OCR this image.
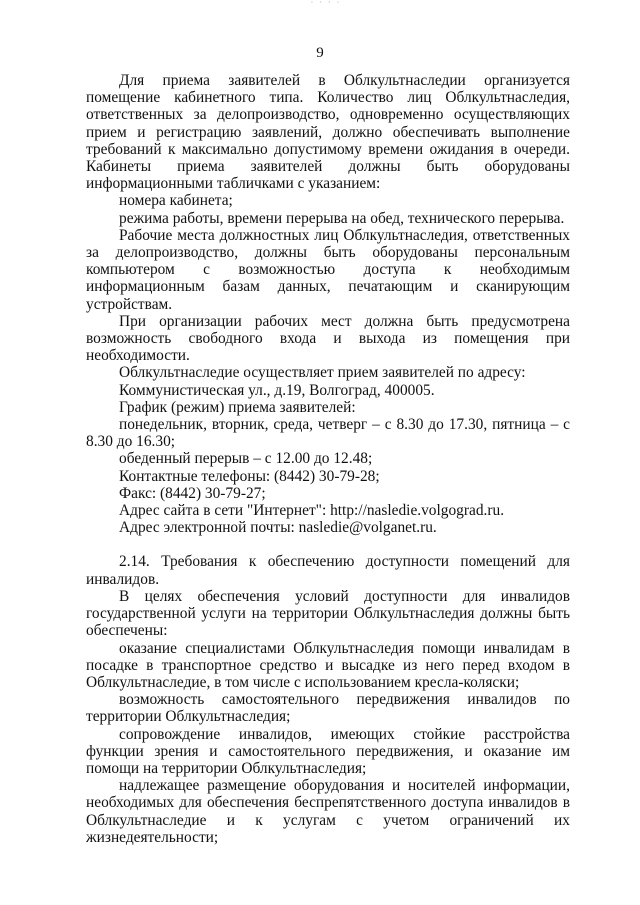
· · · ·
9

Для приема заявителей в Облкультнаследии организуется помещение кабинетного типа. Количество лиц Облкультнаследия, ответственных за делопроизводство, одновременно осуществляющих прием и регистрацию заявлений, должно обеспечивать выполнение требований к максимально допустимому времени ожидания в очереди. Кабинеты приема заявителей должны быть оборудованы информационными табличками с указанием:

номера кабинета;

режима работы, времени перерыва на обед, технического перерыва.

Рабочие места должностных лиц Облкультнаследия, ответственных за делопроизводство, должны быть оборудованы персональным компьютером с возможностью доступа к необходимым информационным базам данных, печатающим и сканирующим устройствам.

При организации рабочих мест должна быть предусмотрена возможность свободного входа и выхода из помещения при необходимости.

Облкультнаследие осуществляет прием заявителей по адресу:

Коммунистическая ул., д.19, Волгоград, 400005.

График (режим) приема заявителей:

понедельник, вторник, среда, четверг – с 8.30 до 17.30, пятница – с 8.30 до 16.30;

обеденный перерыв – с 12.00 до 12.48;

Контактные телефоны: (8442) 30-79-28;

Факс: (8442) 30-79-27;

Адрес сайта в сети "Интернет": http://nasledie.volgograd.ru.

Адрес электронной почты: nasledie@volganet.ru.

2.14. Требования к обеспечению доступности помещений для инвалидов.

В целях обеспечения условий доступности для инвалидов государственной услуги на территории Облкультнаследия должны быть обеспечены:

оказание специалистами Облкультнаследия помощи инвалидам в посадке в транспортное средство и высадке из него перед входом в Облкультнаследие, в том числе с использованием кресла-коляски;

возможность самостоятельного передвижения инвалидов по территории Облкультнаследия;

сопровождение инвалидов, имеющих стойкие расстройства функции зрения и самостоятельного передвижения, и оказание им помощи на территории Облкультнаследия;

надлежащее размещение оборудования и носителей информации, необходимых для обеспечения беспрепятственного доступа инвалидов в Облкультнаследие и к услугам с учетом ограничений их жизнедеятельности;
